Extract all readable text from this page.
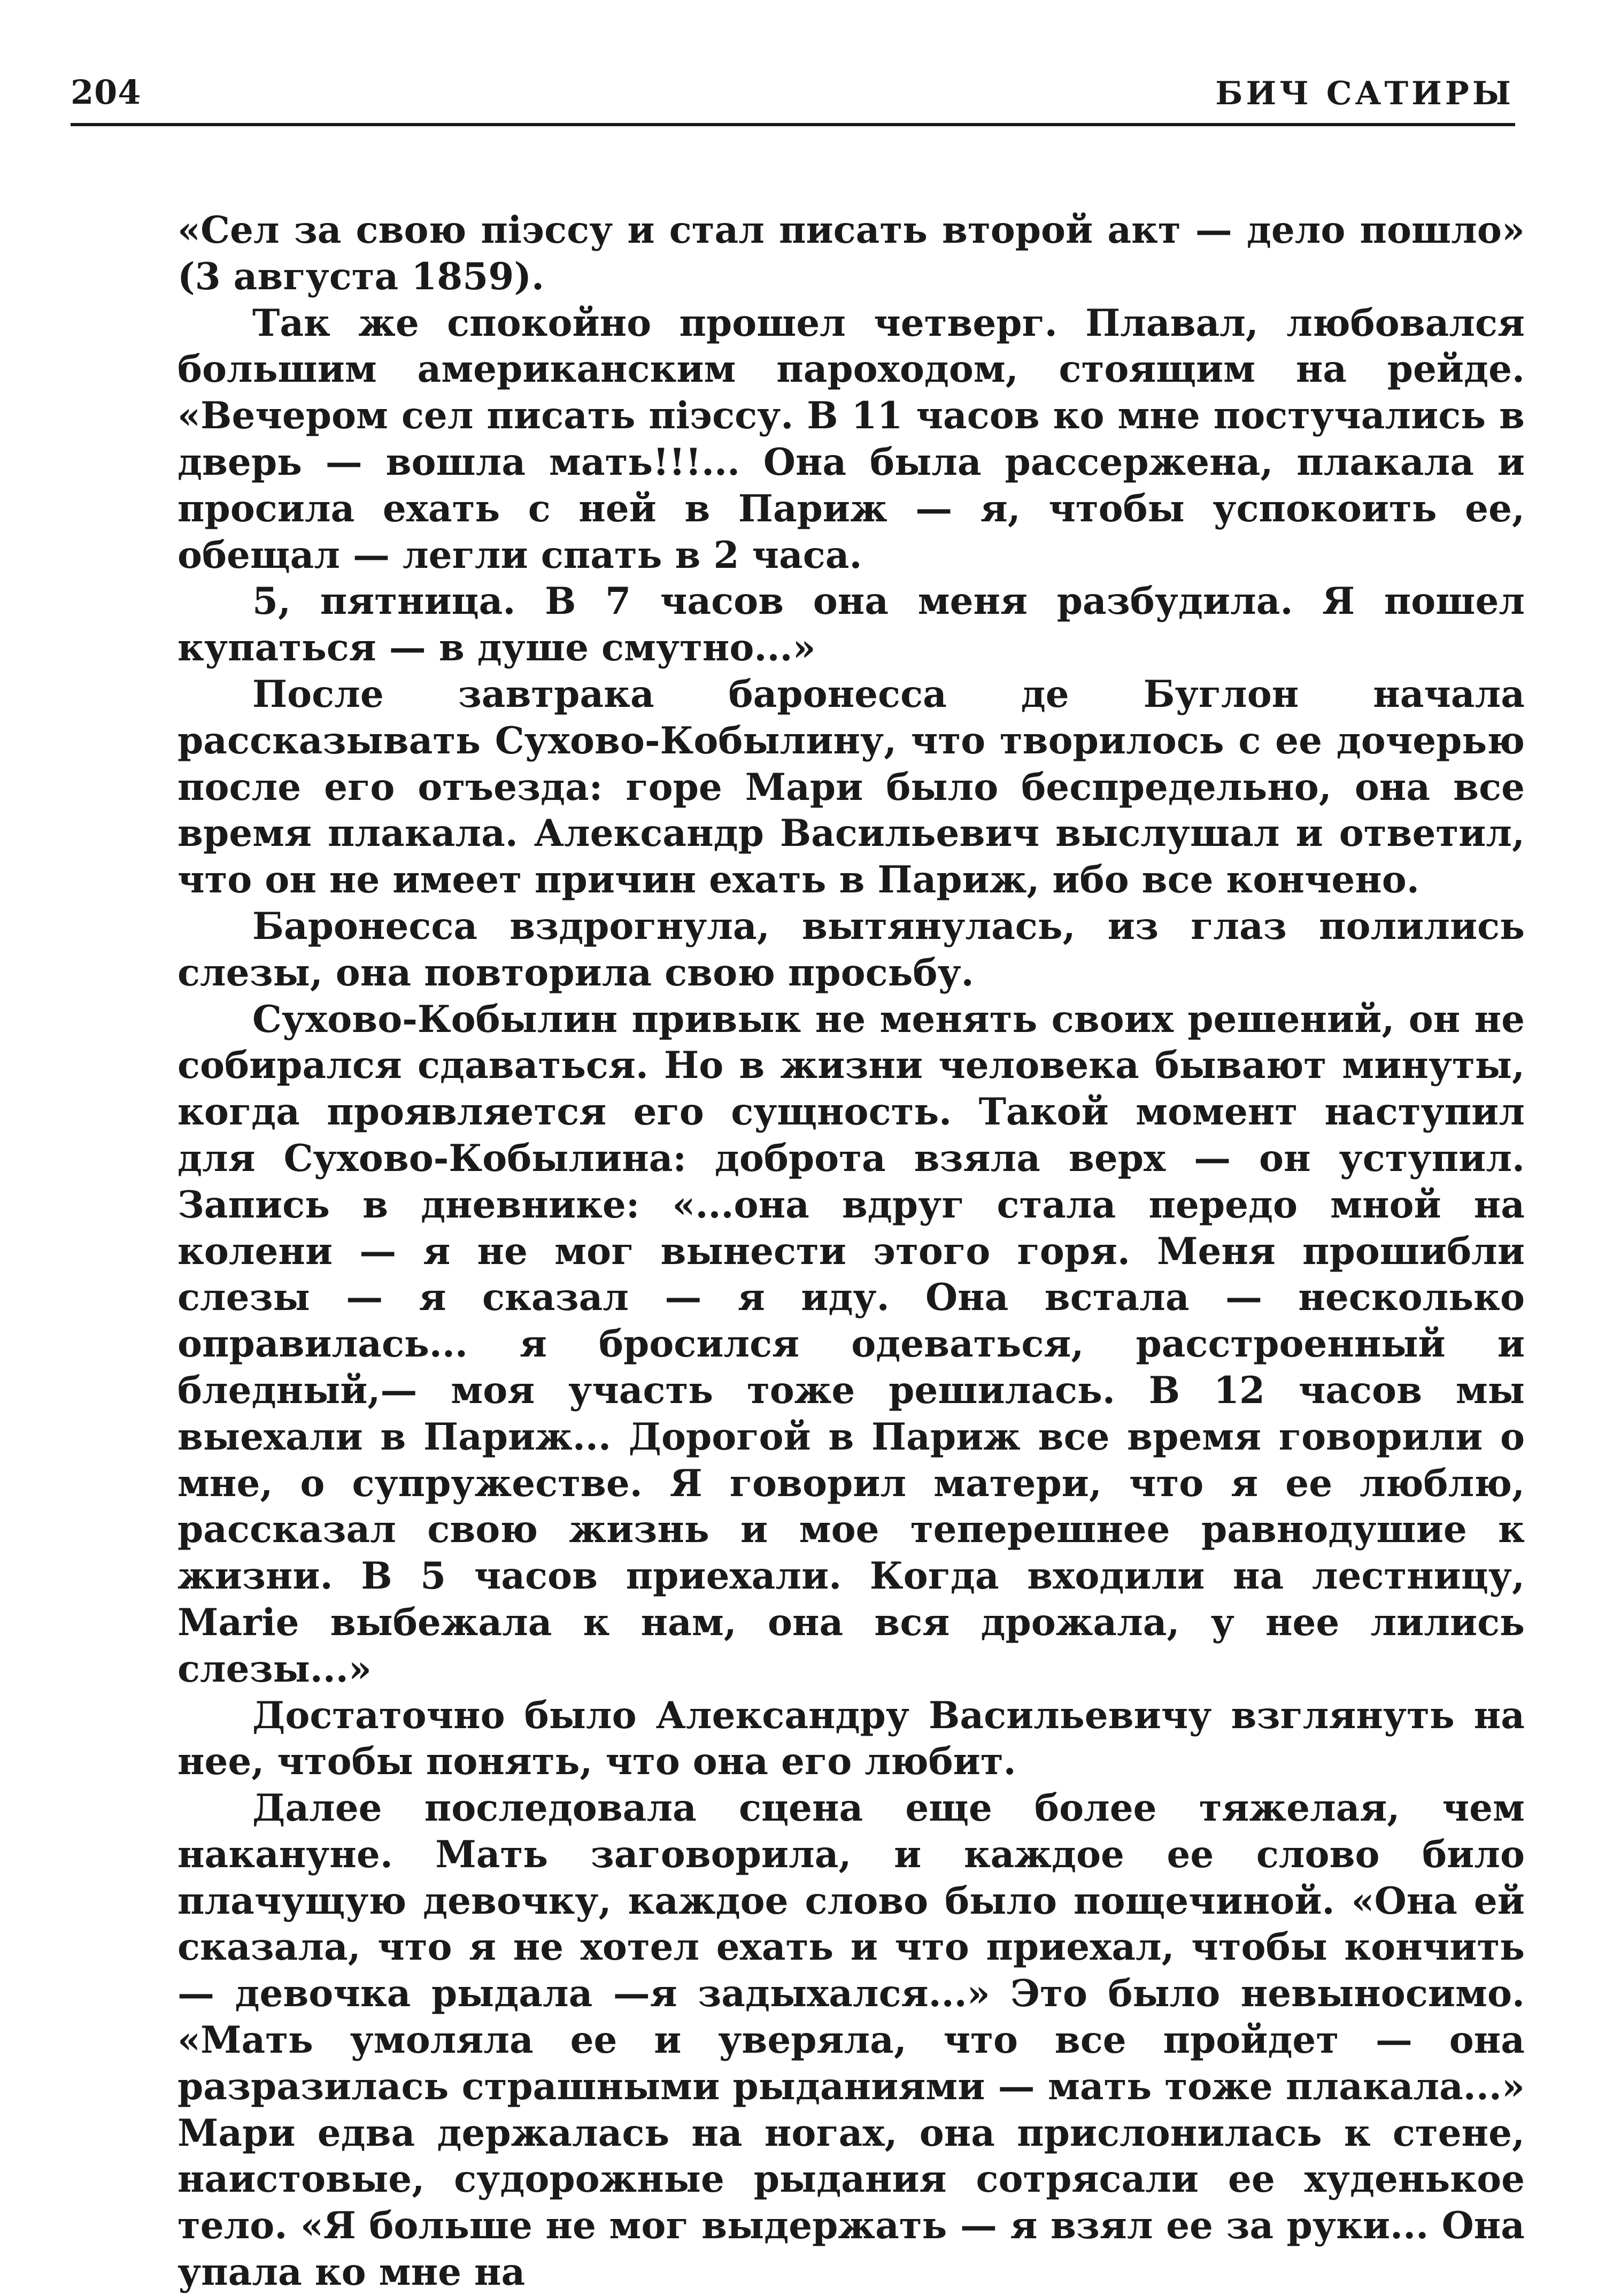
204	БИЧ САТИРЫ

«Сел за свою пiэссу и стал писать второй акт — дело пошло» (3 августа 1859).

Так же спокойно прошел четверг. Плавал, любовался большим американским пароходом, стоящим на рейде. «Вечером сел писать пiэссу. В 11 часов ко мне постучались в дверь — вошла мать!!!... Она была рассержена, плакала и просила ехать с ней в Париж — я, чтобы успокоить ее, обещал — легли спать в 2 часа.

5, пятница. В 7 часов она меня разбудила. Я пошел купаться — в душе смутно...»

После завтрака баронесса де Буглон начала рассказывать Сухово-Кобылину, что творилось с ее дочерью после его отъезда: горе Мари было беспредельно, она все время плакала. Александр Васильевич выслушал и ответил, что он не имеет причин ехать в Париж, ибо все кончено.

Баронесса вздрогнула, вытянулась, из глаз полились слезы, она повторила свою просьбу.

Сухово-Кобылин привык не менять своих решений, он не собирался сдаваться. Но в жизни человека бывают минуты, когда проявляется его сущность. Такой момент наступил для Сухово-Кобылина: доброта взяла верх — он уступил. Запись в дневнике: «...она вдруг стала передо мной на колени — я не мог вынести этого горя. Меня прошибли слезы — я сказал — я иду. Она встала — несколько оправилась... я бросился одеваться, расстроенный и бледный,— моя участь тоже решилась. В 12 часов мы выехали в Париж... Дорогой в Париж все время говорили о мне, о супружестве. Я говорил матери, что я ее люблю, рассказал свою жизнь и мое теперешнее равнодушие к жизни. В 5 часов приехали. Когда входили на лестницу, Marie выбежала к нам, она вся дрожала, у нее лились слезы...»

Достаточно было Александру Васильевичу взглянуть на нее, чтобы понять, что она его любит.

Далее последовала сцена еще более тяжелая, чем накануне. Мать заговорила, и каждое ее слово било плачущую девочку, каждое слово было пощечиной. «Она ей сказала, что я не хотел ехать и что приехал, чтобы кончить — девочка рыдала —я задыхался...» Это было невыносимо. «Мать умоляла ее и уверяла, что все пройдет — она разразилась страшными рыданиями — мать тоже плакала...» Мари едва держалась на ногах, она прислонилась к стене, наистовые, судорожные рыдания сотрясали ее худенькое тело. «Я больше не мог выдержать — я взял ее за руки... Она упала ко мне на
